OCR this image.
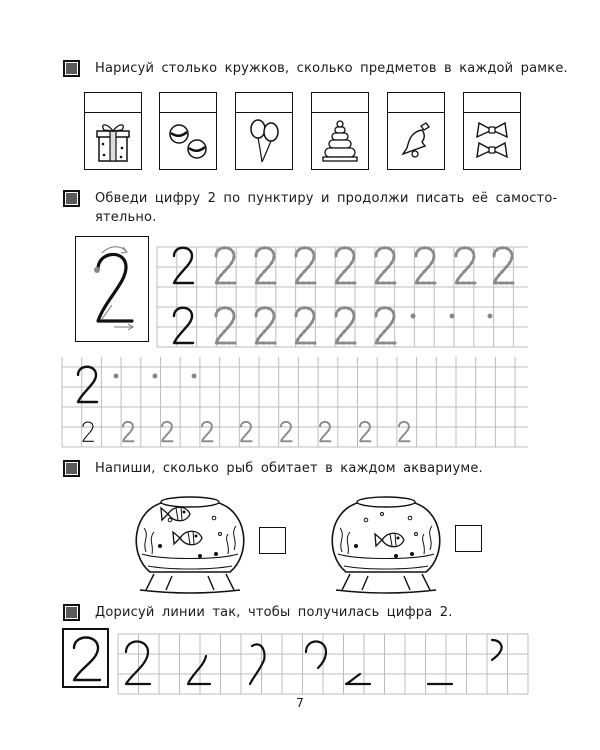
Нарисуй столько кружков, сколько предметов в каждой рамке.
Обведи цифру 2 по пунктиру и продолжи писать её самосто-
ятельно.
Напиши, сколько рыб обитает в каждом аквариуме.
Дорисуй линии так, чтобы получилась цифра 2.
7
